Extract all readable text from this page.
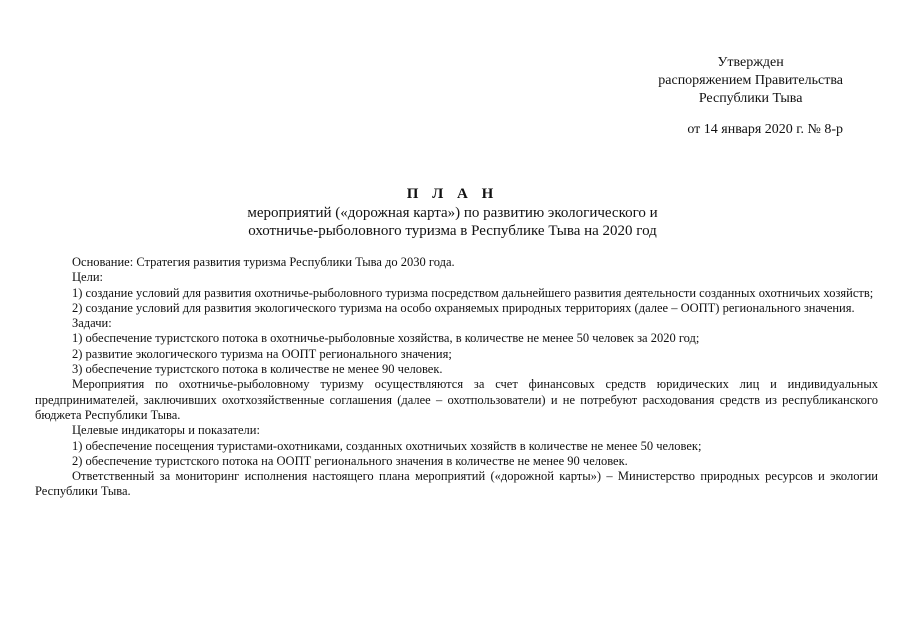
Утвержден
распоряжением Правительства
Республики Тыва
от 14 января 2020 г. № 8-р
П Л А Н
мероприятий («дорожная карта») по развитию экологического и
охотничье-рыболовного туризма в Республике Тыва на 2020 год

Основание: Стратегия развития туризма Республики Тыва до 2030 года.

Цели:

1) создание условий для развития охотничье-рыболовного туризма посредством дальнейшего развития деятельности созданных охотничьих хозяйств;

2) создание условий для развития экологического туризма на особо охраняемых природных территориях (далее – ООПТ) регионального значения.

Задачи:

1) обеспечение туристского потока в охотничье-рыболовные хозяйства, в количестве не менее 50 человек за 2020 год;

2) развитие экологического туризма на ООПТ регионального значения;

3) обеспечение туристского потока в количестве не менее 90 человек.

Мероприятия по охотничье-рыболовному туризму осуществляются за счет финансовых средств юридических лиц и индивидуальных предпринимателей, заключивших охотхозяйственные соглашения (далее – охотпользователи) и не потребуют расходования средств из республиканского бюджета Республики Тыва.

Целевые индикаторы и показатели:

1) обеспечение посещения туристами-охотниками, созданных охотничьих хозяйств в количестве не менее 50 человек;

2) обеспечение туристского потока на ООПТ регионального значения в количестве не менее 90 человек.

Ответственный за мониторинг исполнения настоящего плана мероприятий («дорожной карты») – Министерство природных ресурсов и экологии Республики Тыва.
